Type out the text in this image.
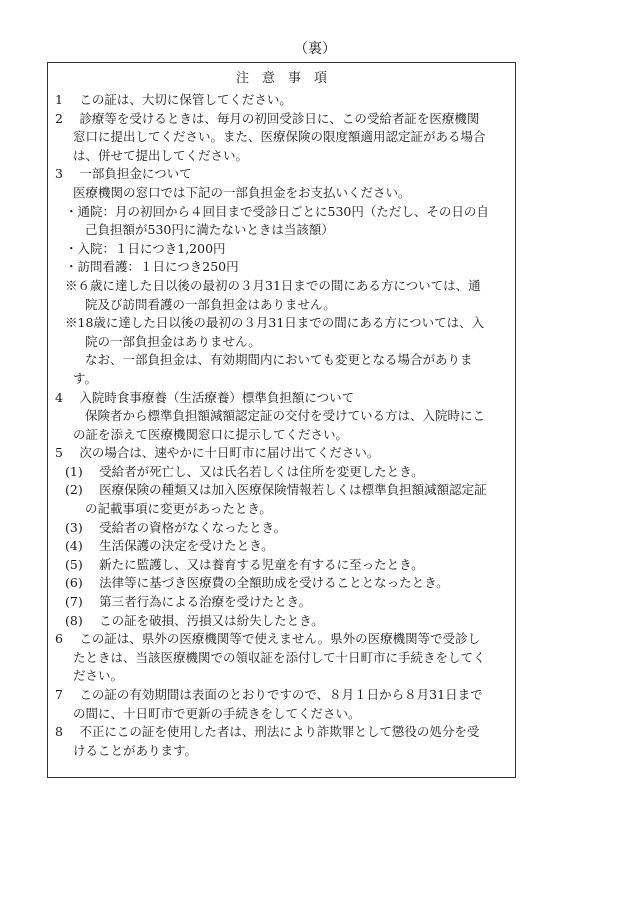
（裏）
注　意　事　項
1　 この証は、大切に保管してください。
2　 診療等を受けるときは、毎月の初回受診日に、この受給者証を医療機関
窓口に提出してください。また、医療保険の限度額適用認定証がある場合
は、併せて提出してください。
3　 一部負担金について
医療機関の窓口では下記の一部負担金をお支払いください。
・通院：月の初回から４回目まで受診日ごとに530円（ただし、その日の自
己負担額が530円に満たないときは当該額）
・入院：１日につき1,200円
・訪問看護：１日につき250円
※６歳に達した日以後の最初の３月31日までの間にある方については、通
院及び訪問看護の一部負担金はありません。
※18歳に達した日以後の最初の３月31日までの間にある方については、入
院の一部負担金はありません。
なお、一部負担金は、有効期間内においても変更となる場合がありま
す。
4　 入院時食事療養（生活療養）標準負担額について
保険者から標準負担額減額認定証の交付を受けている方は、入院時にこ
の証を添えて医療機関窓口に提示してください。
5　 次の場合は、速やかに十日町市に届け出てください。
(1)　 受給者が死亡し、又は氏名若しくは住所を変更したとき。
(2)　 医療保険の種類又は加入医療保険情報若しくは標準負担額減額認定証
の記載事項に変更があったとき。
(3)　 受給者の資格がなくなったとき。
(4)　 生活保護の決定を受けたとき。
(5)　 新たに監護し、又は養育する児童を有するに至ったとき。
(6)　 法律等に基づき医療費の全額助成を受けることとなったとき。
(7)　 第三者行為による治療を受けたとき。
(8)　 この証を破損、汚損又は紛失したとき。
6　 この証は、県外の医療機関等で使えません。県外の医療機関等で受診し
たときは、当該医療機関での領収証を添付して十日町市に手続きをしてく
ださい。
7　 この証の有効期間は表面のとおりですので、８月１日から８月31日まで
の間に、十日町市で更新の手続きをしてください。
8　 不正にこの証を使用した者は、刑法により詐欺罪として懲役の処分を受
けることがあります。
